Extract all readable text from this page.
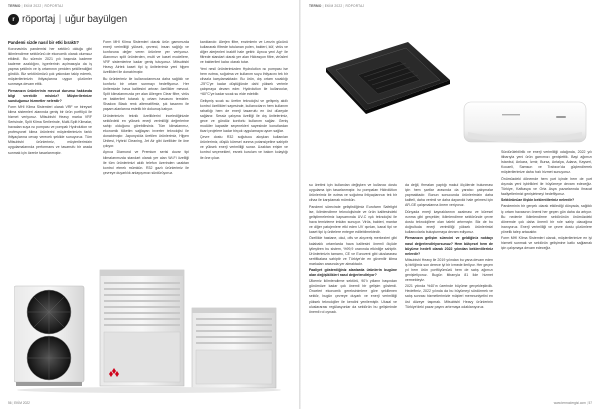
TERMO | EKİM 2022 | RÖPORTAJ
r röportaj | uğur bayülgen

Pandemi sizde nasıl bir etki bıraktı?

Koronavirüs pandemisi her sektörü olduğu gibi iklimlendirme sektörünü de ekonomik olarak olumsuz etkiledi. Bu sürecin 2021 yılı başında kademe kademe azaldığını, işyerlerinin açılmasıyla da iş yapma şeklinin ve iş ortamının yeniden şekillendiğini gördük. Biz sektörümüzü çok yakından takip ederek, müşterilerimizin ihtiyaçlarına uygun çözümler sunmaya devam ettik.

Firmanızın ürünlerinin mevcut durumu hakkında bilgi verebilir misiniz? Müşterilerinize sunduğunuz hizmetler nelerdir?

Form MHI Klima Sistemleri olarak VRF ve bireysel klima sistemleri alanında geniş bir ürün portföyü ile hizmet veriyoruz. Mitsubishi Heavy marka VRF Serisinde, Split Klima Serilerinde, Multi-Split Klimalar, havadan suya ısı pompası ve pompalı Hydrolution ve profesyonel klima ürünlerini müşterilerimizin farklı ihtiyaçlarına cevap verecek şekilde sunuyoruz. Tüm Mitsubishi ürünlerimiz, müşterilerimizin uygulamalarında performans ve tasarrufu bir arada sunmak için özenle tasarlanmıştır.

Form MHI Klima Sistemleri olarak ürün gamımızda enerji verimliliği yüksek, çevreci, insan sağlığı ve konforuna değer veren ürünlere yer veriyoruz. Alanımızı split ürünlerden, multi ve kaset modellere, VRF sistemlerine kadar geniş tutuyoruz. Mitsubishi Heavy Airtek kaset tipi iç ünitelerimiz yeni hijyen özellikleri ile donatılmıştır.

Bu ürünlerimiz ile kullanıcılarımıza daha sağlıklı ve konforlu bir ortam sunmayı hedefliyoruz. Her ünitemizde hava kalitesini artıran özellikler mevcut. Split klimalarımızda yer alan Allergen Clear filtre, virüs ve bakterileri tutarak iç ortam havasını temizler. Shadow Black renk alternatifimiz, şık tasarımı ile yaşam alanlarına estetik bir dokunuş katıyor.

Ürünlerimizin teknik özelliklerini incelediğinizde sektördeki en yüksek enerji verimliliği değerlerine sahip olduğunu görebilirsiniz. Tüm klimalarımız, ekonomik tüketim sağlayan inverter teknolojisi ile donatılmıştır. Japonya'da üretilen ürünlerimiz, Hijyen Ünitesi, Hybrid Cleaning, Jet Air gibi özellikler ile öne çıkıyor.

Ayrıca Diamond ve Premium serisi duvar tipi klimalarımızda standart olarak yer alan Wi-Fi özelliği ile tüm ürünlerimizi akıllı telefon üzerinden uzaktan kontrol etmek mümkün. R32 gazlı ürünlerimiz ile çevreye duyarlılık anlayışımızı sürdürüyoruz.

kanlılarıdır. Alerjen filtre, enzimlerin ve Lenzin gücünü kullanarak filtrede tutulanan polen, bakteri, küf, virüs ve diğer alerjenleri inaktif hale getirir. Ayrıca yeni Ag+ ile filtrede standart olarak yer alan Hidrasyon filtre, virüsleri ve bakterileri kalıcı olarak tutar.

Yeni nesil ürünlerimizden Hydrolution ısı pompası ise hem ısıtma, soğutma ve kullanım suyu ihtiyacını tek bir cihazla karşılamaktadır. Bu ürün, dış ortam sıcaklığı -25°C'ye kadar düştüğünde dahi yüksek verimle çalışmaya devam eder. Hydrolution ile kullanıcılar, +60°C'ye kadar sıcak su elde edebilir.

Gelişmiş sıcak su üretim teknolojisi ve gelişmiş akıllı kontrol özellikleri sayesinde, kullanıcıların hem kullanım rahatlığı hem de enerji tasarrufu en üst düzeyde sağlanır. Sessiz çalışma özelliği ile dış ünitelerimiz, gece ve gündüz konforlu kullanım sağlar. Geniş modüler kapasite seçenekleri sayesinde konutlardan ticari projelere kadar birçok uygulamaya uyum sağlar.

Çevre dostu R32 soğutucu akışkan kullanılan ürünlerimiz, düşük küresel ısınma potansiyeline sahiptir ve yüksek enerji verimliliği sunar. Uzaktan erişim ve kontrol seçenekleri, esnek kurulum ve bakım kolaylığı ile öne çıkar.

56 | EKİM 2022
TERMO | EKİM 2022 | RÖPORTAJ

su üretimi için kullanılan değişken ve kullanıcı dostu uygulama için tasarlanmıştır. Isı pompaları Hidrolütion ürünlerimiz ile ısıtma ve soğutma ihtiyaçlarınızı tek bir cihaz ile karşılamak mümkün.

Pandemi sürecinde geliştirdiğimiz Eurofarm Safelight ise, iklimlendirme teknolojisinde ve ürün kalitesindeki geliştirmelerimiz kapsamında UV-C ışık teknolojisi ile hava temizleme imkânı sunuyor. Virüs, bakteri, mantar ve diğer patojenlere etki eden UV ışınları, kanal tipi ve kaset tipi iç ünitelere entegre edilebilmektedir.

Özellikle hastane, okul, ofis ve alışveriş merkezleri gibi kalabalık ortamlarda hava kalitesini önemli ölçüde iyileştiren bu sistem, %99,9 oranında etkinliğe sahiptir. Ürünlerimizin tamamı, CE ve Eurovent gibi uluslararası sertifikalara sahiptir ve Türkiye'de en güvenilir klima markaları arasında yer almaktadır.

Faaliyet gösterdiğiniz alanlarda ürünlerin bugüne olan değişiklikleri nasıl değerlendiriyor?

Ülkemiz iklimlendirme sektörü, 90'lı yılların başından günümüze kadar çok önemli bir gelişim gösterdi. Önceleri ekonomik gereksinimlere göre şekillenen sektör, bugün çevreye duyarlı ve enerji verimliliği yüksek teknolojiler ile kendini yenilemiştir. Ulusal ve uluslararası regülasyonlar da sektörün bu gelişiminde önemli rol oynadı.

da değil, firmaları yaptığı makul ölçülerde bulunması için hem şartlar arasında da yaratıcı çalışmalar yapmaktadır. Bunun sonucunda ürünlerimizin daha kaliteli, daha verimli ve daha dayanıklı hale gelmesi için AR-GE çalışmalarına önem veriyoruz.

Dünyada enerji kaynaklarının azalması ve küresel ısınma gibi gerçekler, iklimlendirme sektöründe çevre dostu teknolojilere olan talebi artırmıştır. Biz de bu doğrultuda enerji verimliliği yüksek ürünlerimizi kullanıcılarla buluşturmaya devam ediyoruz.

Firmanızın gelişim sürecini ve geldiğiniz noktayı nasıl değerlendiriyorsunuz? Hem bütçesel hem de büyüme hedefi olarak 2022 yılından beklentileriniz nelerdir?

Mitsubishi Heavy ile 2019 yılından bu yana devam eden iş birliğimiz son derece iyi bir ivmede ilerliyor. Her geçen yıl hem ürün portföyümüzü hem de satış ağımızı genişletiyoruz. Bugün itibarıyla 81 ilde hizmet vermekteyiz.

2021 yılında %40'ın üzerinde büyüme gerçekleştirdik. Hedefimiz, 2022 yılında da bu büyümeyi sürdürmek ve satış sonrası hizmetlerimizle müşteri memnuniyetini en üst düzeye taşımak. Mitsubishi Heavy ürünlerinin Türkiye'deki pazar payını artırmaya odaklanıyoruz.

Sürdürülebilirlik ve enerji verimliliği odağında, 2022 yılı itibarıyla yeni ürün gamımızı genişlettik. Bayi ağımızı İstanbul, Ankara, İzmir, Bursa, Antalya, Adana, Kayseri, Kocaeli, Samsun ve Trabzon'da güçlendirerek müşterilerimize daha hızlı hizmet sunuyoruz.

Önümüzdeki dönemde hem yurt içinde hem de yurt dışında yeni işbirlikleri ile büyümeye devam edeceğiz. Türkiye, Kafkasya ve Orta Asya pazarlarında ihracat faaliyetlerimizi genişletmeyi hedefliyoruz.

Sektörünüze ilişkin beklentileriniz nelerdir?

Pandeminin bir gerçek olarak etkilediği dünyada, sağlıklı iç ortam havasının önemi her geçen gün daha da artıyor. Bu nedenle iklimlendirme sektörünün önümüzdeki dönemde çok daha önemli bir role sahip olacağına inanıyoruz. Enerji verimliliği ve çevre dostu çözümlere yönelik talep artacaktır.

Form MHI Klima Sistemleri olarak, müşterilerimize en iyi hizmeti sunmak ve sektörün gelişimine katkı sağlamak için çalışmaya devam edeceğiz.

www.termodergisi.com | 57
